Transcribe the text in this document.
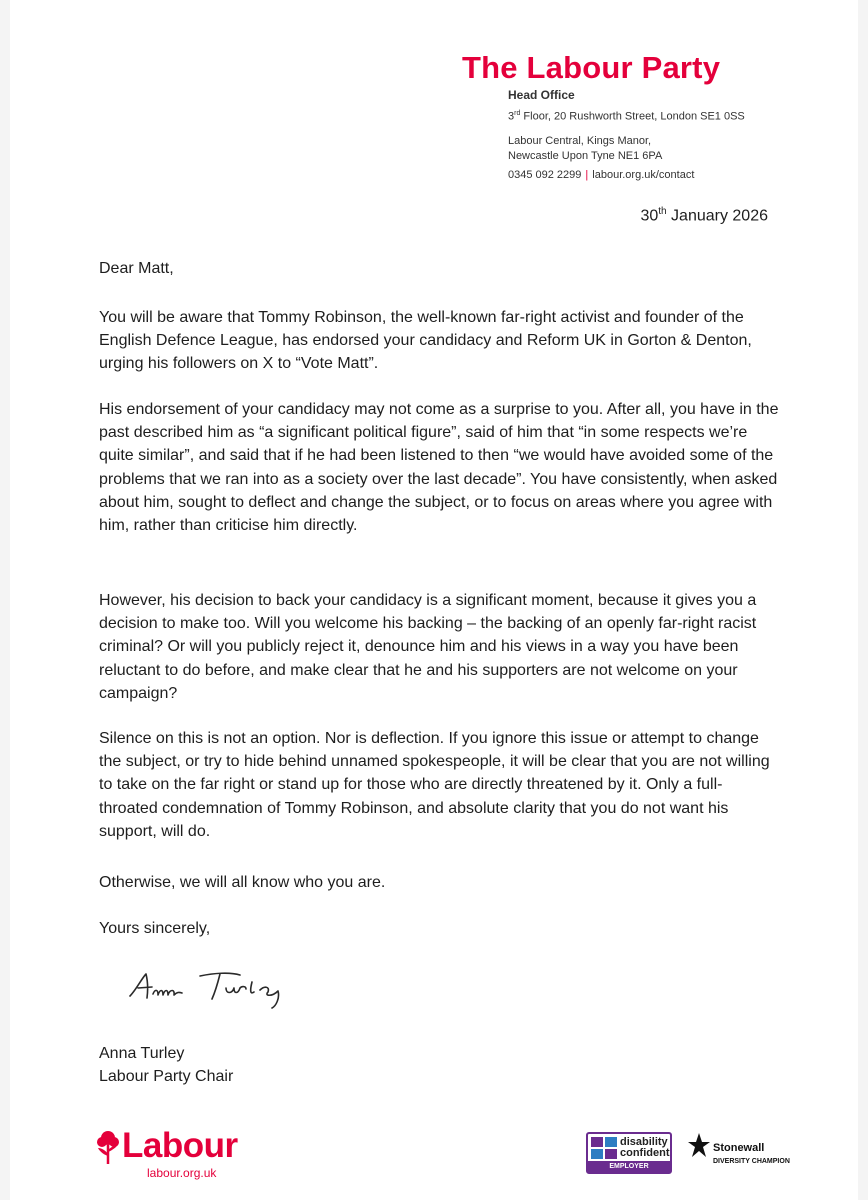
The Labour Party
Head Office
3rd Floor, 20 Rushworth Street, London SE1 0SS
Labour Central, Kings Manor,
Newcastle Upon Tyne NE1 6PA
0345 092 2299 | labour.org.uk/contact
30th January 2026

Dear Matt,

You will be aware that Tommy Robinson, the well-known far-right activist and founder of the English Defence League, has endorsed your candidacy and Reform UK in Gorton & Denton, urging his followers on X to “Vote Matt”.

His endorsement of your candidacy may not come as a surprise to you. After all, you have in the past described him as “a significant political figure”, said of him that “in some respects we’re quite similar”, and said that if he had been listened to then “we would have avoided some of the problems that we ran into as a society over the last decade”. You have consistently, when asked about him, sought to deflect and change the subject, or to focus on areas where you agree with him, rather than criticise him directly.

However, his decision to back your candidacy is a significant moment, because it gives you a decision to make too. Will you welcome his backing – the backing of an openly far-right racist criminal? Or will you publicly reject it, denounce him and his views in a way you have been reluctant to do before, and make clear that he and his supporters are not welcome on your campaign?

Silence on this is not an option. Nor is deflection. If you ignore this issue or attempt to change the subject, or try to hide behind unnamed spokespeople, it will be clear that you are not willing to take on the far right or stand up for those who are directly threatened by it. Only a full-throated condemnation of Tommy Robinson, and absolute clarity that you do not want his support, will do.

Otherwise, we will all know who you are.

Yours sincerely,

Anna Turley

Labour Party Chair

Labour
labour.org.uk
disability
confident
EMPLOYER
Stonewall
DIVERSITY CHAMPION
